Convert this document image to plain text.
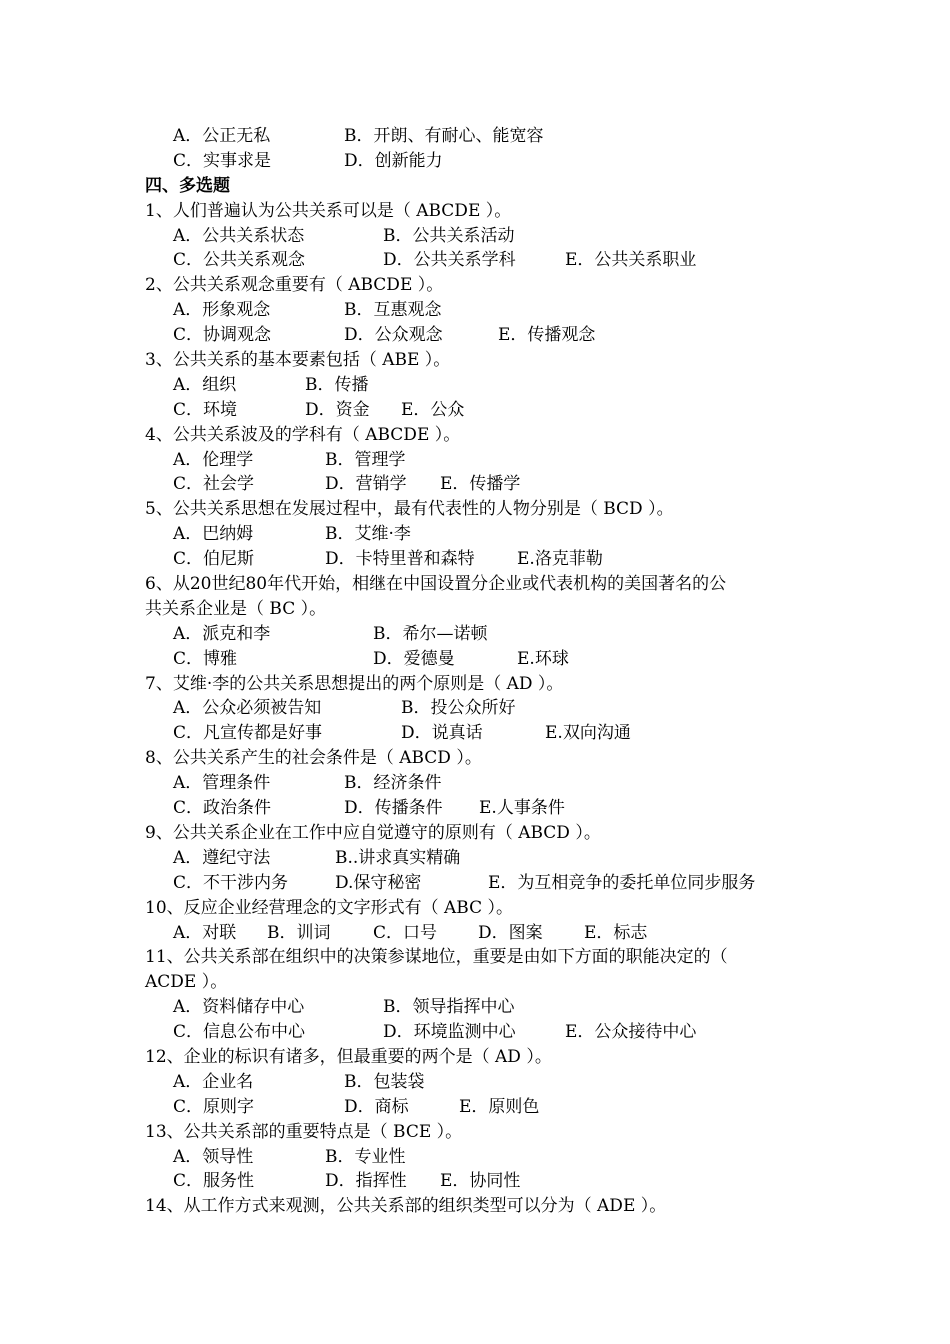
A．公正无私	B．开朗、有耐心、能宽容
C．实事求是	D．创新能力
四、多选题
1、人们普遍认为公共关系可以是（ ABCDE ）。
A．公共关系状态	B．公共关系活动
C．公共关系观念	D．公共关系学科	E．公共关系职业
2、公共关系观念重要有（ ABCDE ）。
A．形象观念	B．互惠观念
C．协调观念	D．公众观念	E．传播观念
3、公共关系的基本要素包括（ ABE ）。
A．组织	B．传播
C．环境	D．资金 E．公众
4、公共关系波及的学科有（ ABCDE ）。
A．伦理学	B．管理学
C．社会学	D．营销学 E．传播学
5、公共关系思想在发展过程中，最有代表性的人物分别是（ BCD ）。
A．巴纳姆	B．艾维·李
C．伯尼斯	D．卡特里普和森特 E.洛克菲勒
6、从20世纪80年代开始，相继在中国设置分企业或代表机构的美国著名的公
共关系企业是（ BC ）。
A．派克和李	B．希尔—诺顿
C．博雅	D．爱德曼	E.环球
7、艾维·李的公共关系思想提出的两个原则是（ AD ）。
A．公众必须被告知	B．投公众所好
C．凡宣传都是好事	D．说真话	E.双向沟通
8、公共关系产生的社会条件是（ ABCD ）。
A．管理条件	B．经济条件
C．政治条件	D．传播条件 E.人事条件
9、公共关系企业在工作中应自觉遵守的原则有（ ABCD ）。
A．遵纪守法	B..讲求真实精确
C．不干涉内务	D.保守秘密	E．为互相竞争的委托单位同步服务
10、反应企业经营理念的文字形式有（ ABC ）。
A．对联 B．训词	C．口号 D．图案 E．标志
11、公共关系部在组织中的决策参谋地位，重要是由如下方面的职能决定的（
ACDE ）。
A．资料储存中心	B．领导指挥中心
C．信息公布中心	D．环境监测中心	E．公众接待中心
12、企业的标识有诸多，但最重要的两个是（ AD ）。
A．企业名	B．包装袋
C．原则字	D．商标	E．原则色
13、公共关系部的重要特点是（ BCE ）。
A．领导性	B．专业性
C．服务性	D．指挥性 E．协同性
14、从工作方式来观测，公共关系部的组织类型可以分为（ ADE ）。
